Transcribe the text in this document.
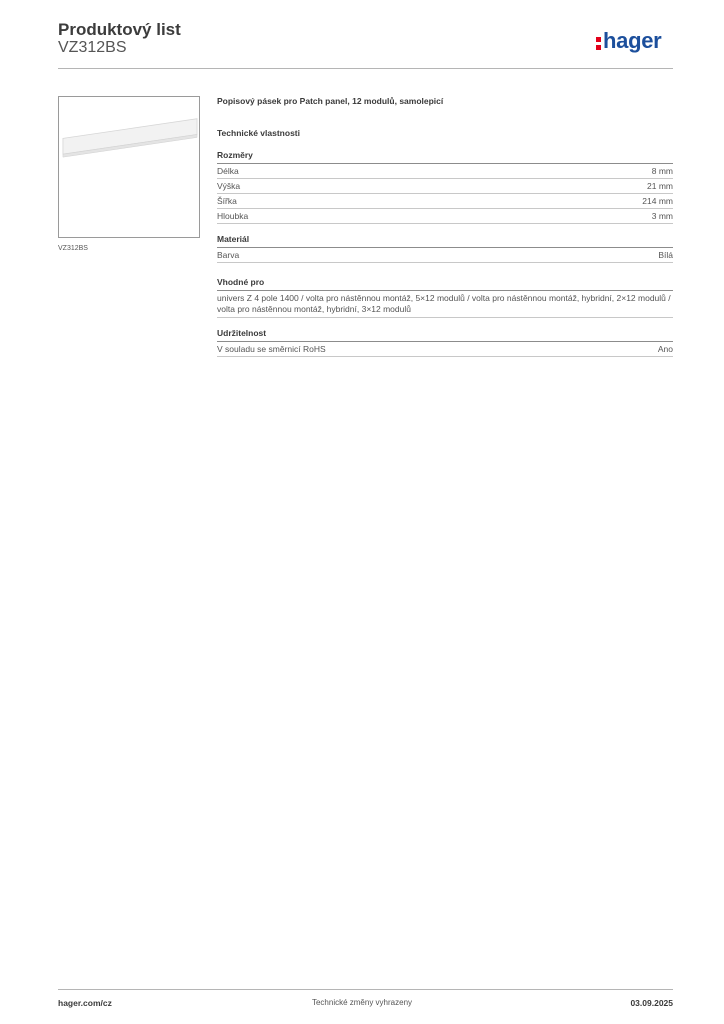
Produktový list
VZ312BS	hager
VZ312BS
Popisový pásek pro Patch panel, 12 modulů, samolepicí
Technické vlastnosti
Rozměry
Délka	8 mm
Výška	21 mm
Šířka	214 mm
Hloubka	3 mm
Materiál
Barva	Bílá
Vhodné pro
univers Z 4 pole 1400 / volta pro nástěnnou montáž, 5×12 modulů / volta pro nástěnnou montáž, hybridní, 2×12 modulů / volta pro nástěnnou montáž, hybridní, 3×12 modulů
Udržitelnost
V souladu se směrnicí RoHS	Ano
hager.com/cz	Technické změny vyhrazeny	03.09.2025
